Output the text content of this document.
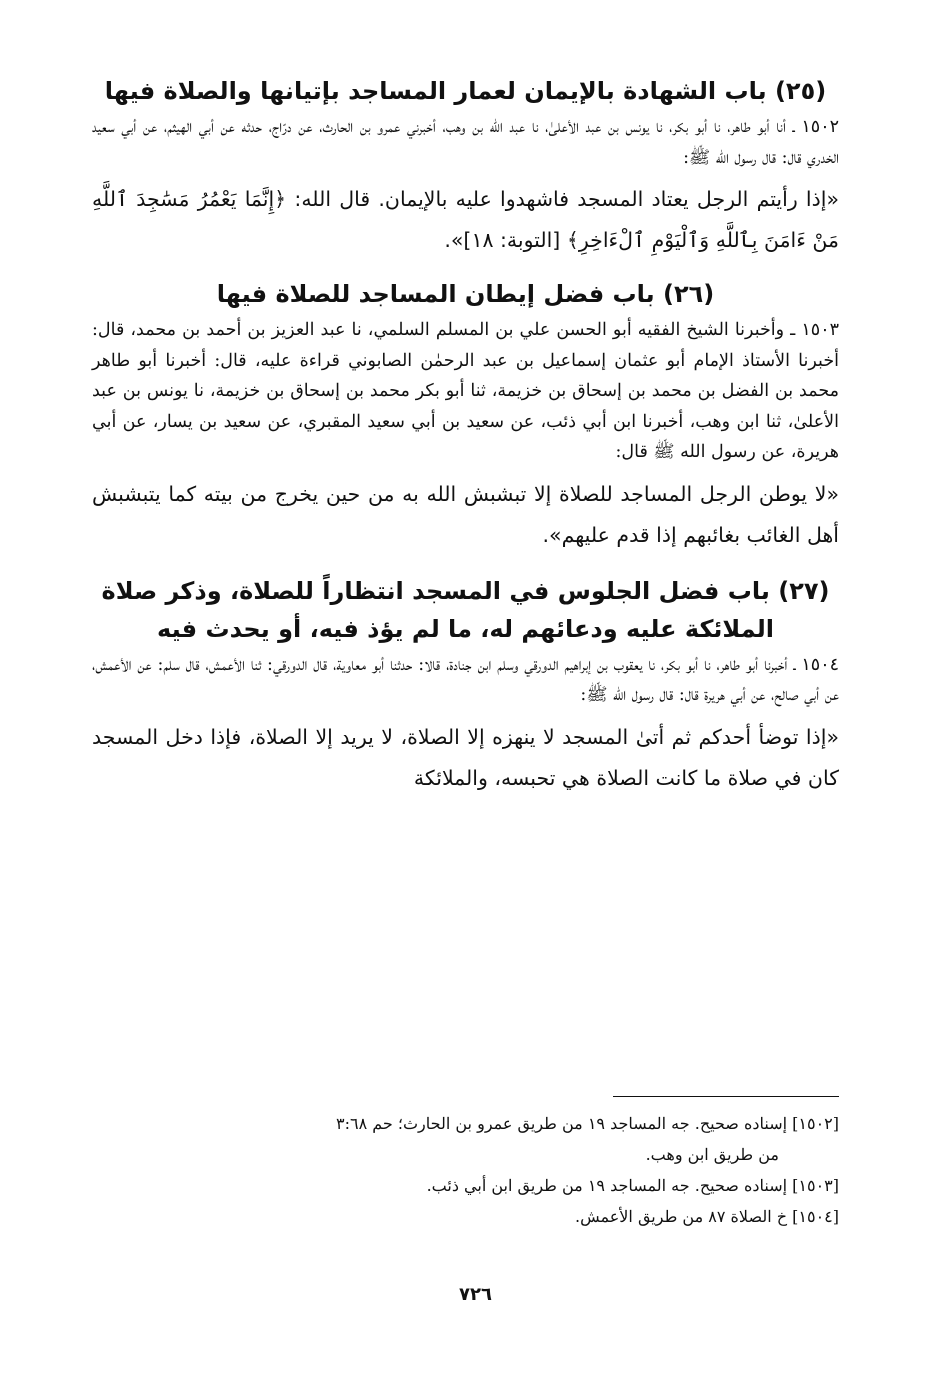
(٢٥) باب الشهادة بالإيمان لعمار المساجد بإتيانها والصلاة فيها

١٥٠٢ ـ أنا أبو طاهر، نا أبو بكر، نا يونس بن عبد الأعلىٰ، نا عبد الله بن وهب، أخبرني عمرو بن الحارث، عن درّاج، حدثه عن أبي الهيثم، عن أبي سعيد الخدري قال: قال رسول الله ﷺ:

«إذا رأيتم الرجل يعتاد المسجد فاشهدوا عليه بالإيمان. قال الله: ﴿إِنَّمَا يَعْمُرُ مَسَٰجِدَ ٱللَّهِ مَنْ ءَامَنَ بِٱللَّهِ وَٱلْيَوْمِ ٱلْءَاخِرِ﴾ [التوبة: ١٨]».

(٢٦) باب فضل إيطان المساجد للصلاة فيها

١٥٠٣ ـ وأخبرنا الشيخ الفقيه أبو الحسن علي بن المسلم السلمي، نا عبد العزيز بن أحمد بن محمد، قال: أخبرنا الأستاذ الإمام أبو عثمان إسماعيل بن عبد الرحمٰن الصابوني قراءة عليه، قال: أخبرنا أبو طاهر محمد بن الفضل بن محمد بن إسحاق بن خزيمة، ثنا أبو بكر محمد بن إسحاق بن خزيمة، نا يونس بن عبد الأعلىٰ، ثنا ابن وهب، أخبرنا ابن أبي ذئب، عن سعيد بن أبي سعيد المقبري، عن سعيد بن يسار، عن أبي هريرة، عن رسول الله ﷺ قال:

«لا يوطن الرجل المساجد للصلاة إلا تبشبش الله به من حين يخرج من بيته كما يتبشبش أهل الغائب بغائبهم إذا قدم عليهم».

(٢٧) باب فضل الجلوس في المسجد انتظاراً للصلاة، وذكر صلاة الملائكة عليه ودعائهم له، ما لم يؤذ فيه، أو يحدث فيه

١٥٠٤ ـ أخبرنا أبو طاهر، نا أبو بكر، نا يعقوب بن إبراهيم الدورقي وسلم ابن جنادة، قالا: حدثنا أبو معاوية، قال الدورقي: ثنا الأعمش، قال سلم: عن الأعمش، عن أبي صالح، عن أبي هريرة قال: قال رسول الله ﷺ:

«إذا توضأ أحدكم ثم أتىٰ المسجد لا ينهزه إلا الصلاة، لا يريد إلا الصلاة، فإذا دخل المسجد كان في صلاة ما كانت الصلاة هي تحبسه، والملائكة

[١٥٠٢] إسناده صحيح. جه المساجد ١٩ من طريق عمرو بن الحارث؛ حم ٣:٦٨

من طريق ابن وهب.

[١٥٠٣] إسناده صحيح. جه المساجد ١٩ من طريق ابن أبي ذئب.

[١٥٠٤] خ الصلاة ٨٧ من طريق الأعمش.

٧٢٦
